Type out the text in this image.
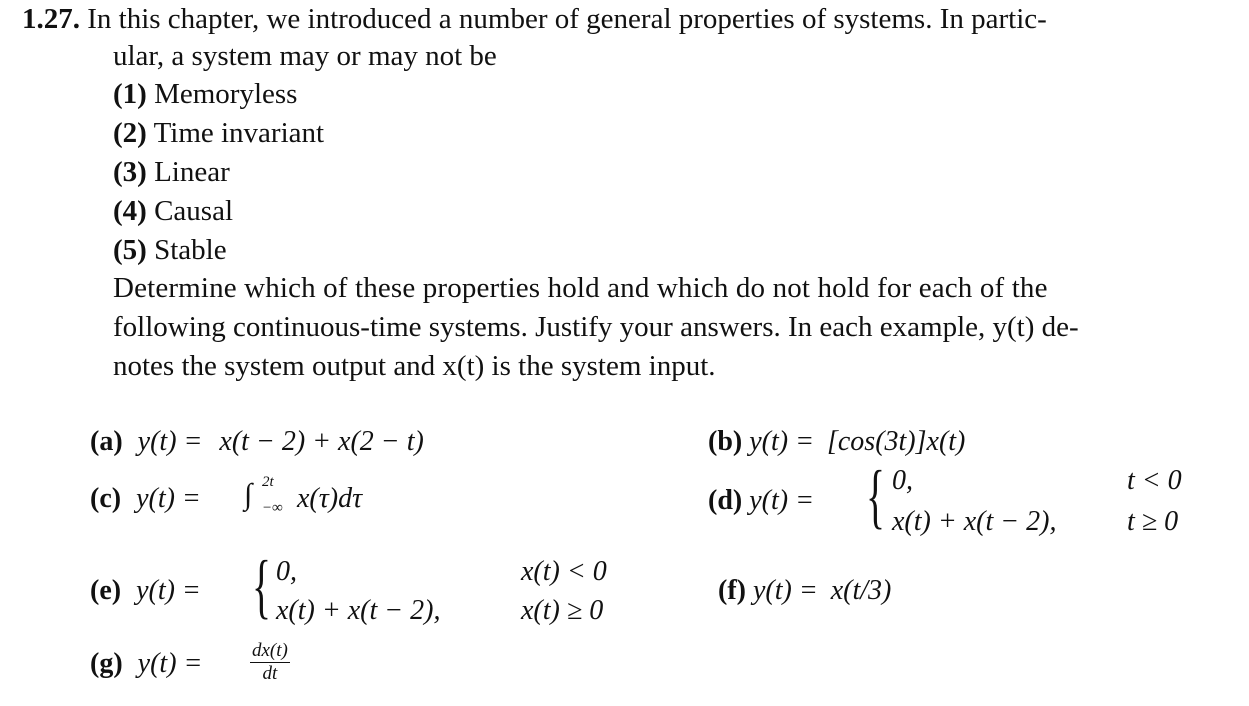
1.27. In this chapter, we introduced a number of general properties of systems. In partic-
ular, a system may or may not be
(1) Memoryless
(2) Time invariant
(3) Linear
(4) Causal
(5) Stable
Determine which of these properties hold and which do not hold for each of the
following continuous-time systems. Justify your answers. In each example, y(t) de-
notes the system output and x(t) is the system input.
(a) y(t) = x(t − 2) + x(2 − t)	(b) y(t) = [cos(3t)]x(t)
(c) y(t) = ∫ 2t
−∞ x(τ)dτ	(d) y(t) = { 0,	t < 0
x(t) + x(t − 2),	t ≥ 0
(e) y(t) = { 0,	x(t) < 0
x(t) + x(t − 2),	x(t) ≥ 0
(f) y(t) = x(t/3)
(g) y(t) =	$\frac{dx(t)}{dt}$
